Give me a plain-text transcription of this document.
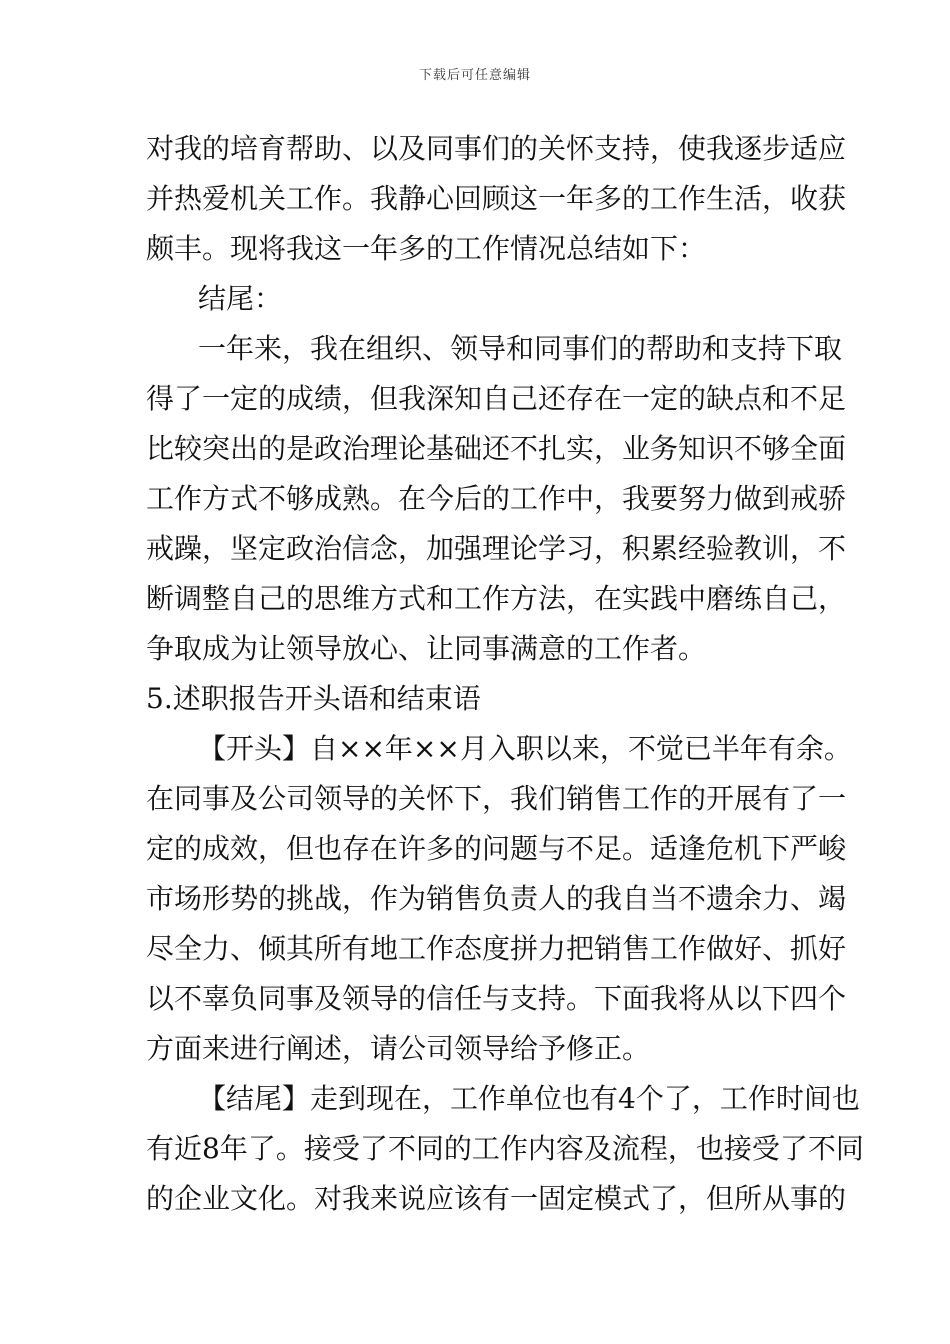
下载后可任意编辑
对我的培育帮助、以及同事们的关怀支持，使我逐步适应
并热爱机关工作。我静心回顾这一年多的工作生活，收获
颇丰。现将我这一年多的工作情况总结如下：
结尾：
一年来，我在组织、领导和同事们的帮助和支持下取
得了一定的成绩，但我深知自己还存在一定的缺点和不足
比较突出的是政治理论基础还不扎实，业务知识不够全面
工作方式不够成熟。在今后的工作中，我要努力做到戒骄
戒躁，坚定政治信念，加强理论学习，积累经验教训，不
断调整自己的思维方式和工作方法，在实践中磨练自己，
争取成为让领导放心、让同事满意的工作者。
5.述职报告开头语和结束语
【开头】自××年××月入职以来，不觉已半年有余。
在同事及公司领导的关怀下，我们销售工作的开展有了一
定的成效，但也存在许多的问题与不足。适逢危机下严峻
市场形势的挑战，作为销售负责人的我自当不遗余力、竭
尽全力、倾其所有地工作态度拼力把销售工作做好、抓好
以不辜负同事及领导的信任与支持。下面我将从以下四个
方面来进行阐述，请公司领导给予修正。
【结尾】走到现在，工作单位也有4个了，工作时间也
有近8年了。接受了不同的工作内容及流程，也接受了不同
的企业文化。对我来说应该有一固定模式了，但所从事的
